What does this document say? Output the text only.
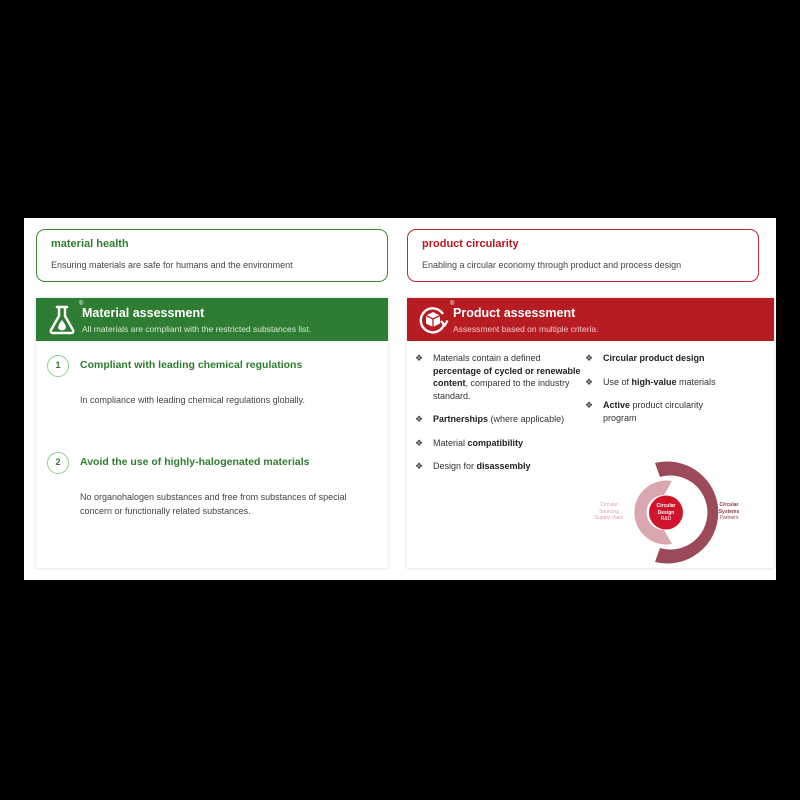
material health
Ensuring materials are safe for humans and the environment
product circularity
Enabling a circular economy through product and process design
®
Material assessment
All materials are compliant with the restricted substances list.
1	Compliant with leading chemical regulations
In compliance with leading chemical regulations globally.
2	Avoid the use of highly-halogenated materials
No organohalogen substances and free from substances of special concern or functionally related substances.
®
Product assessment
Assessment based on multiple criteria.
❖ Materials contain a defined percentage of cycled or renewable content, compared to the industry standard.
❖ Partnerships (where applicable)
❖ Material compatibility
❖ Design for disassembly
❖ Circular product design
❖ Use of high-value materials
❖ Active product circularity program
Circular
Design
R&D
Circular
Sourcing
Supply chain
Circular
Systems
Partners
